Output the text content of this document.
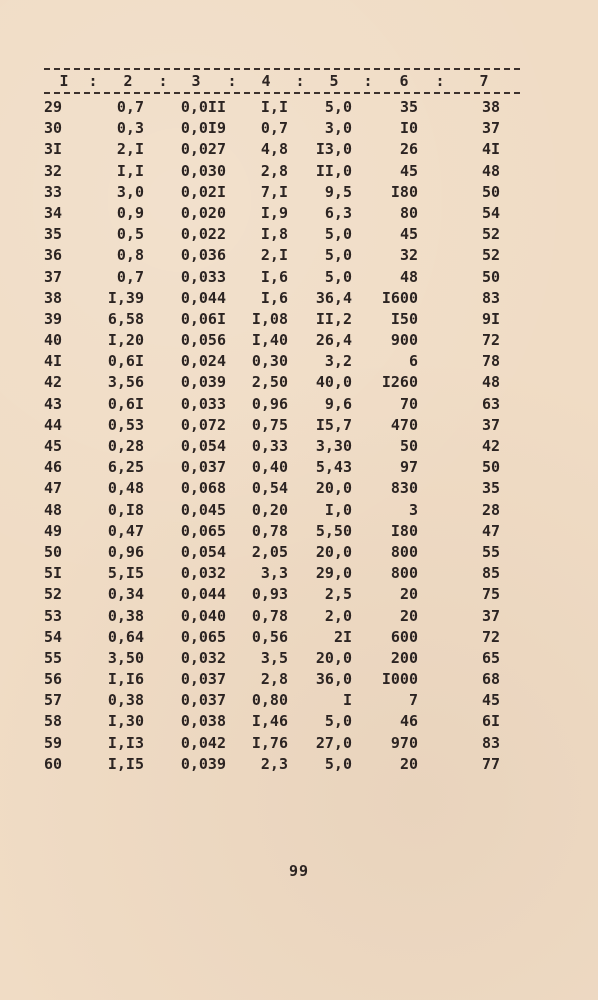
I	:	2	:	3	:	4	:	5	:	6	:	7
29	0,7	0,0II	I,I	5,0	35	38
30	0,3	0,0I9	0,7	3,0	I0	37
3I	2,I	0,027	4,8	I3,0	26	4I
32	I,I	0,030	2,8	II,0	45	48
33	3,0	0,02I	7,I	9,5	I80	50
34	0,9	0,020	I,9	6,3	80	54
35	0,5	0,022	I,8	5,0	45	52
36	0,8	0,036	2,I	5,0	32	52
37	0,7	0,033	I,6	5,0	48	50
38	I,39	0,044	I,6	36,4	I600	83
39	6,58	0,06I	I,08	II,2	I50	9I
40	I,20	0,056	I,40	26,4	900	72
4I	0,6I	0,024	0,30	3,2	6	78
42	3,56	0,039	2,50	40,0	I260	48
43	0,6I	0,033	0,96	9,6	70	63
44	0,53	0,072	0,75	I5,7	470	37
45	0,28	0,054	0,33	3,30	50	42
46	6,25	0,037	0,40	5,43	97	50
47	0,48	0,068	0,54	20,0	830	35
48	0,I8	0,045	0,20	I,0	3	28
49	0,47	0,065	0,78	5,50	I80	47
50	0,96	0,054	2,05	20,0	800	55
5I	5,I5	0,032	3,3	29,0	800	85
52	0,34	0,044	0,93	2,5	20	75
53	0,38	0,040	0,78	2,0	20	37
54	0,64	0,065	0,56	2I	600	72
55	3,50	0,032	3,5	20,0	200	65
56	I,I6	0,037	2,8	36,0	I000	68
57	0,38	0,037	0,80	I	7	45
58	I,30	0,038	I,46	5,0	46	6I
59	I,I3	0,042	I,76	27,0	970	83
60	I,I5	0,039	2,3	5,0	20	77
99
